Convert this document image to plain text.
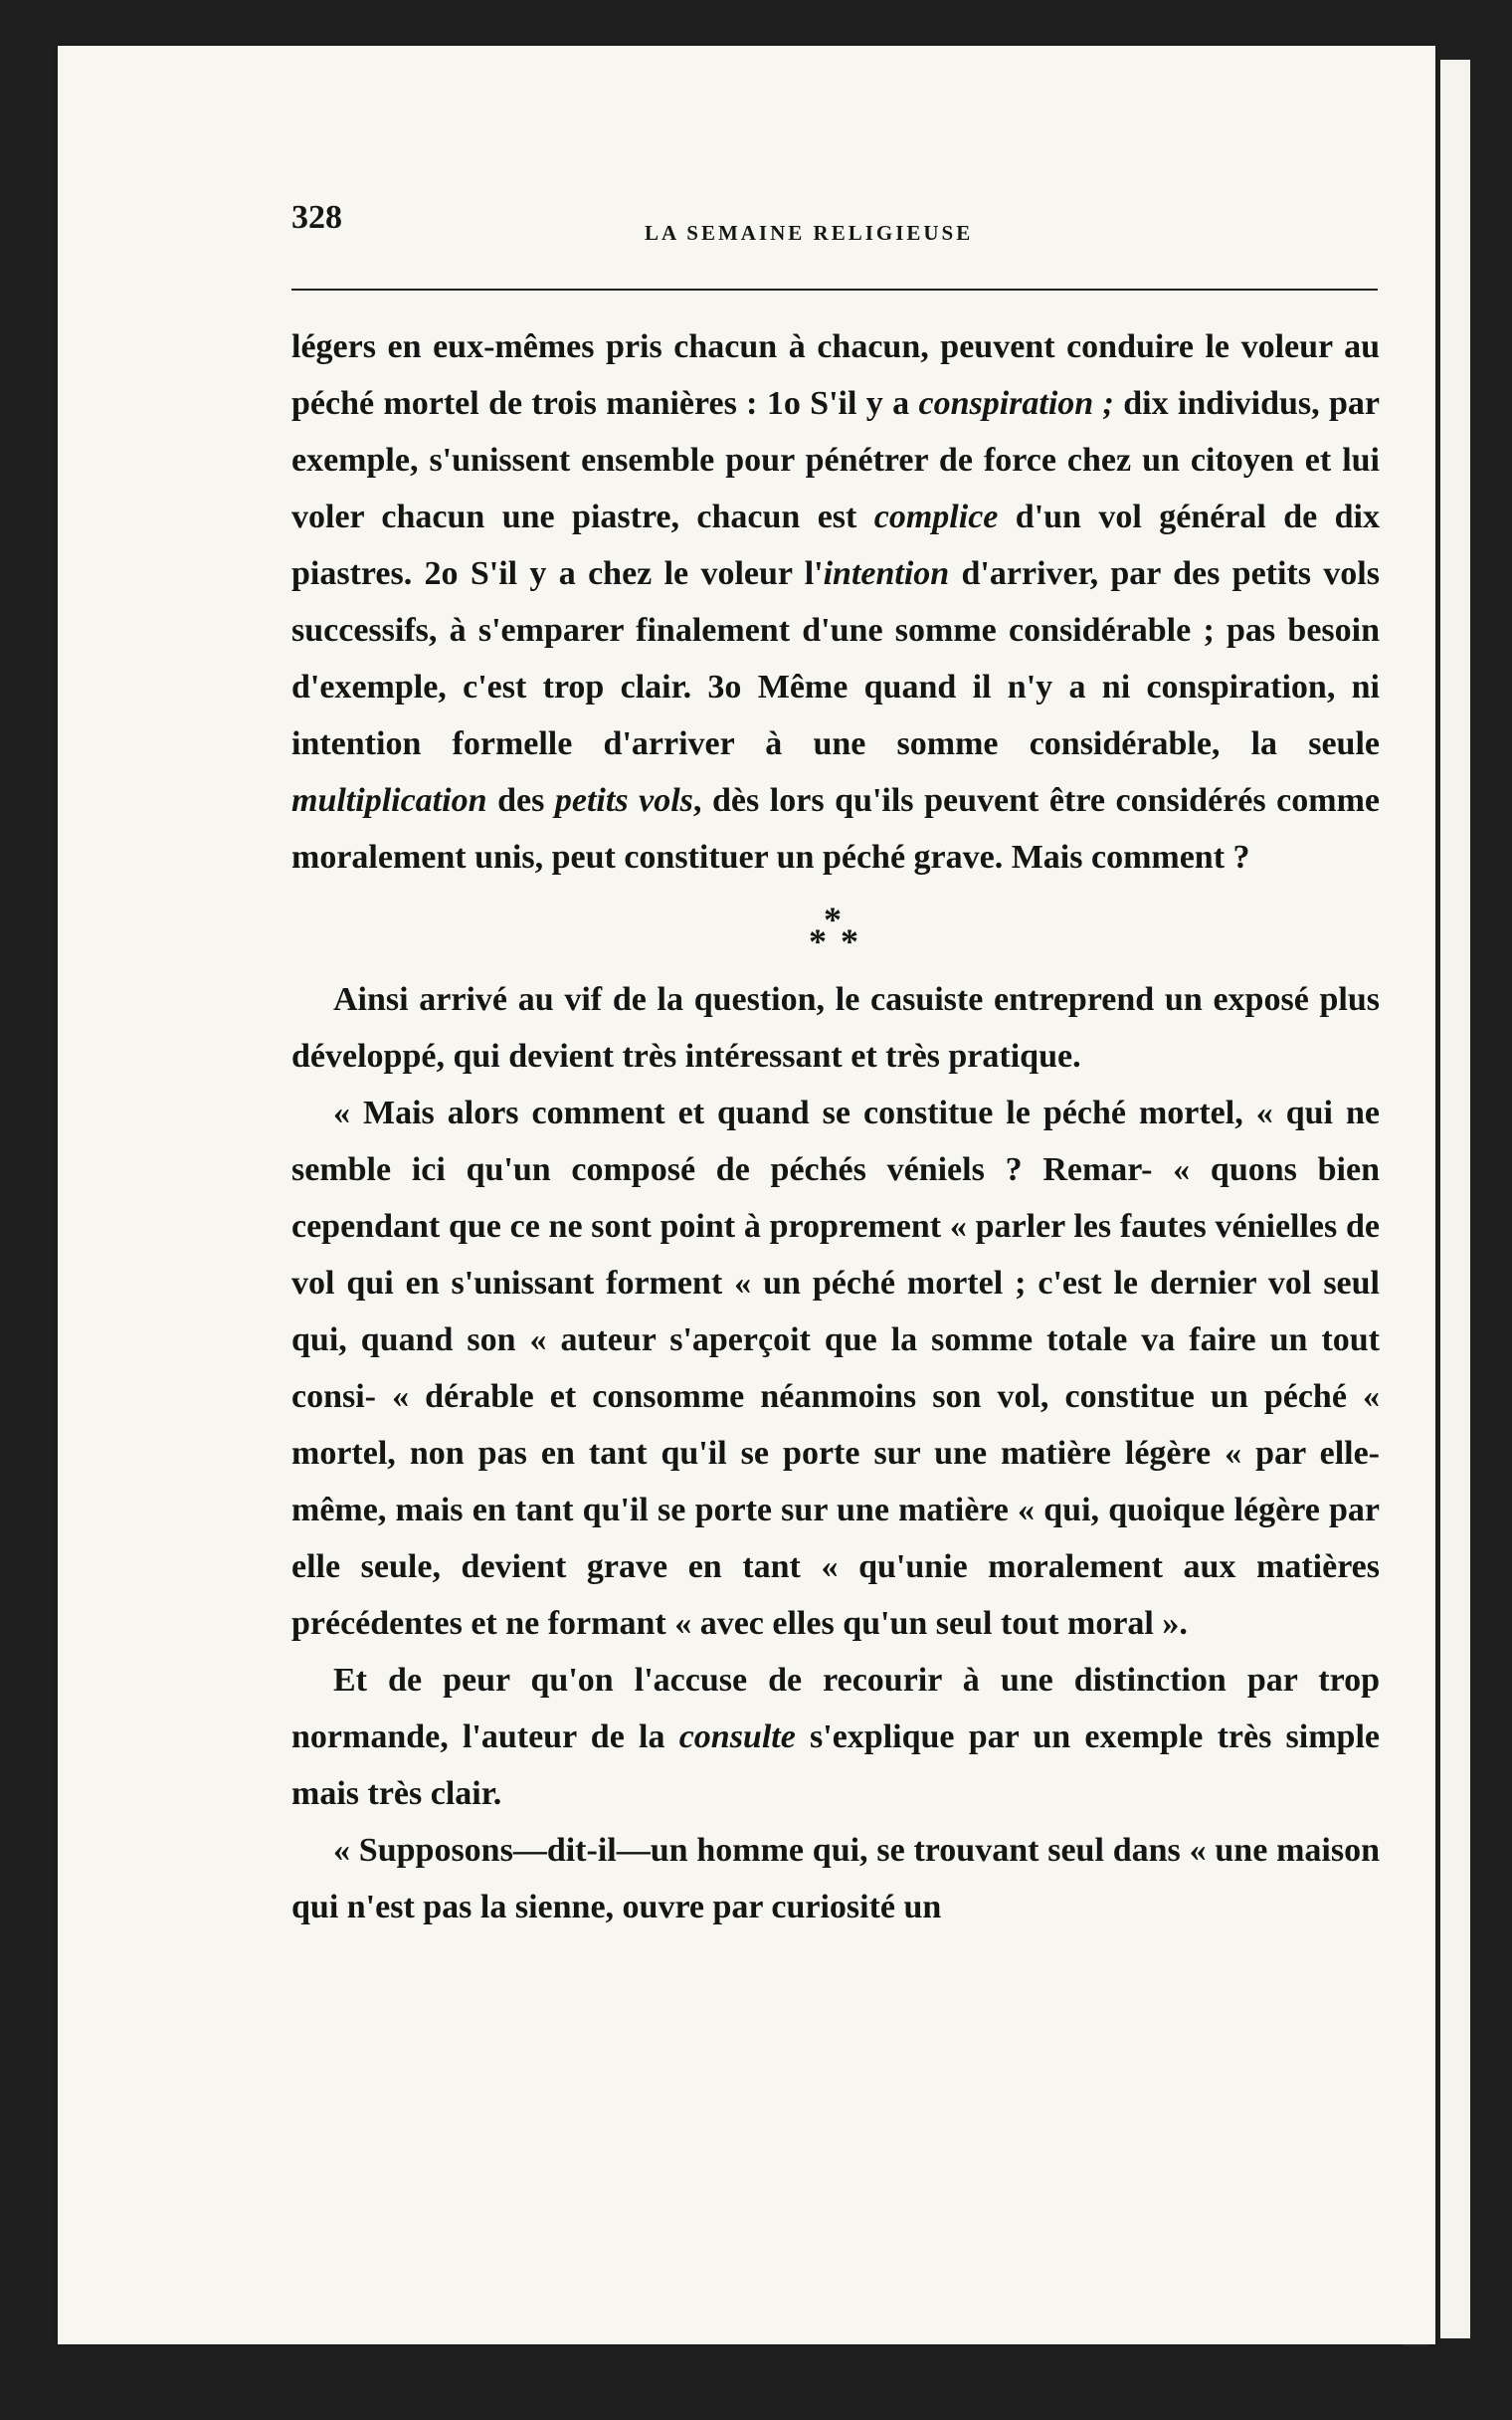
328	LA SEMAINE RELIGIEUSE

légers en eux-mêmes pris chacun à chacun, peuvent conduire le voleur au péché mortel de trois manières : 1o S'il y a conspiration ; dix individus, par exemple, s'unissent ensemble pour pénétrer de force chez un citoyen et lui voler chacun une piastre, chacun est complice d'un vol général de dix piastres. 2o S'il y a chez le voleur l'intention d'arriver, par des petits vols successifs, à s'emparer finalement d'une somme considérable ; pas besoin d'exemple, c'est trop clair. 3o Même quand il n'y a ni conspiration, ni intention formelle d'arriver à une somme considérable, la seule multiplication des petits vols, dès lors qu'ils peuvent être considérés comme moralement unis, peut constituer un péché grave. Mais comment ?

*
* *

Ainsi arrivé au vif de la question, le casuiste entreprend un exposé plus développé, qui devient très intéressant et très pratique.

« Mais alors comment et quand se constitue le péché mortel, « qui ne semble ici qu'un composé de péchés véniels ? Remar- « quons bien cependant que ce ne sont point à proprement « parler les fautes vénielles de vol qui en s'unissant forment « un péché mortel ; c'est le dernier vol seul qui, quand son « auteur s'aperçoit que la somme totale va faire un tout consi- « dérable et consomme néanmoins son vol, constitue un péché « mortel, non pas en tant qu'il se porte sur une matière légère « par elle-même, mais en tant qu'il se porte sur une matière « qui, quoique légère par elle seule, devient grave en tant « qu'unie moralement aux matières précédentes et ne formant « avec elles qu'un seul tout moral ».

Et de peur qu'on l'accuse de recourir à une distinction par trop normande, l'auteur de la consulte s'explique par un exemple très simple mais très clair.

« Supposons—dit-il—un homme qui, se trouvant seul dans « une maison qui n'est pas la sienne, ouvre par curiosité un
